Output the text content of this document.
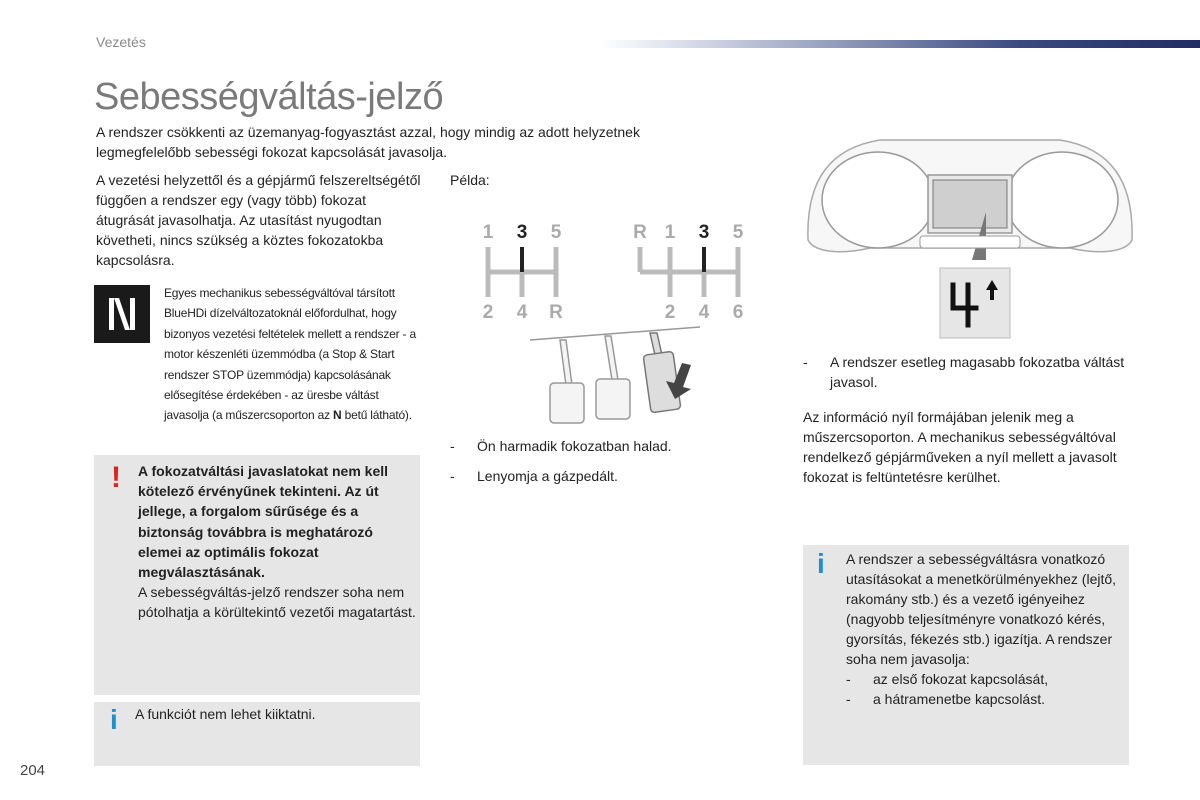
Vezetés
Sebességváltás-jelző
A rendszer csökkenti az üzemanyag-fogyasztást azzal, hogy mindig az adott helyzetnek legmegfelelőbb sebességi fokozat kapcsolását javasolja.
A vezetési helyzettől és a gépjármű felszereltségétől függően a rendszer egy (vagy több) fokozat átugrását javasolhatja. Az utasítást nyugodtan követheti, nincs szükség a köztes fokozatokba kapcsolásra.
Egyes mechanikus sebességváltóval társított BlueHDi dízelváltozatoknál előfordulhat, hogy bizonyos vezetési feltételek mellett a rendszer - a motor készenléti üzemmódba (a Stop & Start rendszer STOP üzemmódja) kapcsolásának elősegítése érdekében - az üresbe váltást javasolja (a műszercsoporton az N betű látható).
! A fokozatváltási javaslatokat nem kell kötelező érvényűnek tekinteni. Az út jellege, a forgalom sűrűsége és a biztonság továbbra is meghatározó elemei az optimális fokozat megválasztásának.
A sebességváltás-jelző rendszer soha nem pótolhatja a körültekintő vezetői magatartást.
i A funkciót nem lehet kiiktatni.
Példa:
1 3 5
2 4 R
R 1 3 5
2 4 6
- Ön harmadik fokozatban halad.
- Lenyomja a gázpedált.
↑
4
-	A rendszer esetleg magasabb fokozatba váltást javasol.
Az információ nyíl formájában jelenik meg a műszercsoporton. A mechanikus sebességváltóval rendelkező gépjárműveken a nyíl mellett a javasolt fokozat is feltüntetésre kerülhet.
i A rendszer a sebességváltásra vonatkozó utasításokat a menetkörülményekhez (lejtő, rakomány stb.) és a vezető igényeihez (nagyobb teljesítményre vonatkozó kérés, gyorsítás, fékezés stb.) igazítja. A rendszer soha nem javasolja:
- az első fokozat kapcsolását,
- a hátramenetbe kapcsolást.
204
